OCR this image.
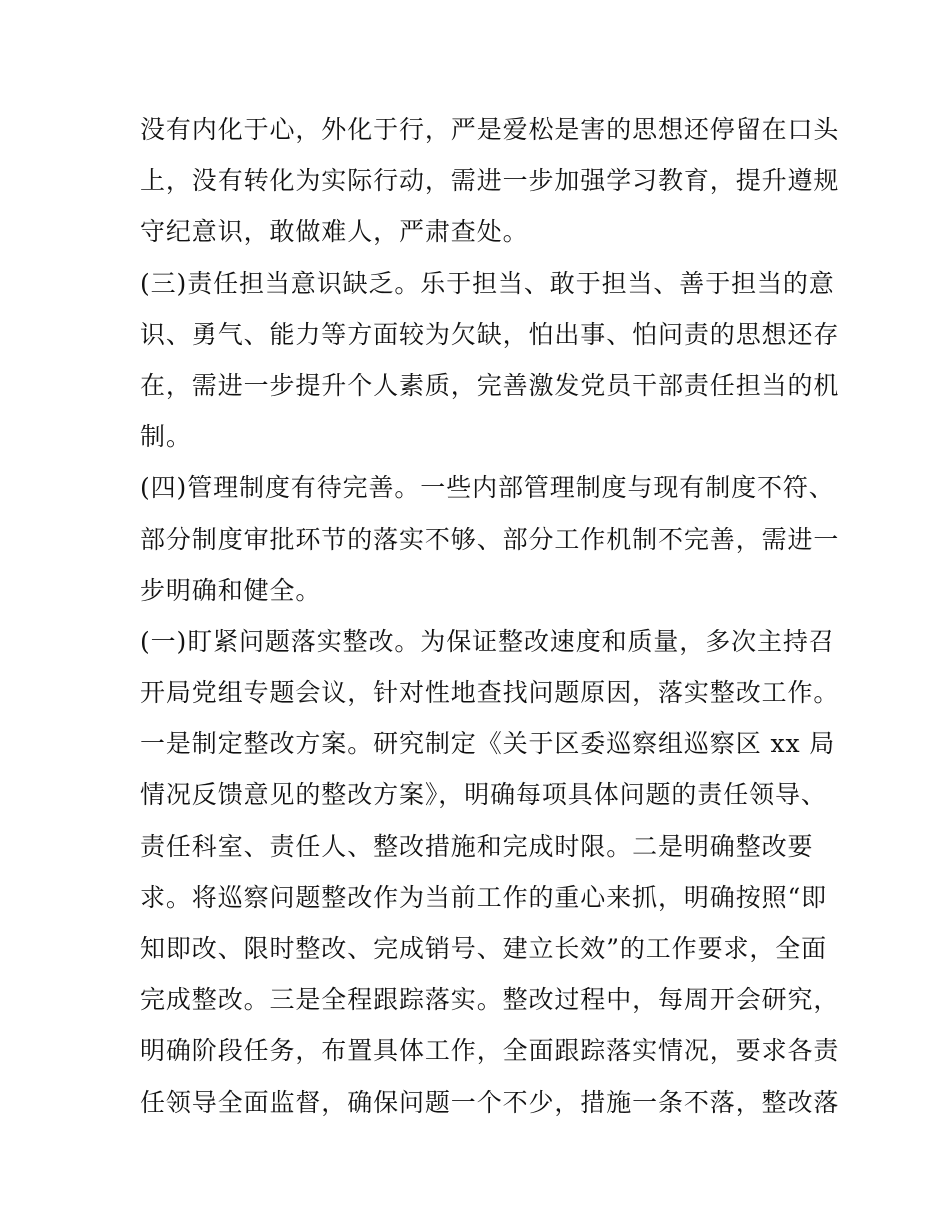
没有内化于心，外化于行，严是爱松是害的思想还停留在口头
上，没有转化为实际行动，需进一步加强学习教育，提升遵规
守纪意识，敢做难人，严肃查处。
(三)责任担当意识缺乏。乐于担当、敢于担当、善于担当的意
识、勇气、能力等方面较为欠缺，怕出事、怕问责的思想还存
在，需进一步提升个人素质，完善激发党员干部责任担当的机
制。
(四)管理制度有待完善。一些内部管理制度与现有制度不符、
部分制度审批环节的落实不够、部分工作机制不完善，需进一
步明确和健全。
(一)盯紧问题落实整改。为保证整改速度和质量，多次主持召
开局党组专题会议，针对性地查找问题原因，落实整改工作。
一是制定整改方案。研究制定《关于区委巡察组巡察区 xx 局
情况反馈意见的整改方案》，明确每项具体问题的责任领导、
责任科室、责任人、整改措施和完成时限。二是明确整改要
求。将巡察问题整改作为当前工作的重心来抓，明确按照“即
知即改、限时整改、完成销号、建立长效”的工作要求，全面
完成整改。三是全程跟踪落实。整改过程中，每周开会研究，
明确阶段任务，布置具体工作，全面跟踪落实情况，要求各责
任领导全面监督，确保问题一个不少，措施一条不落，整改落
